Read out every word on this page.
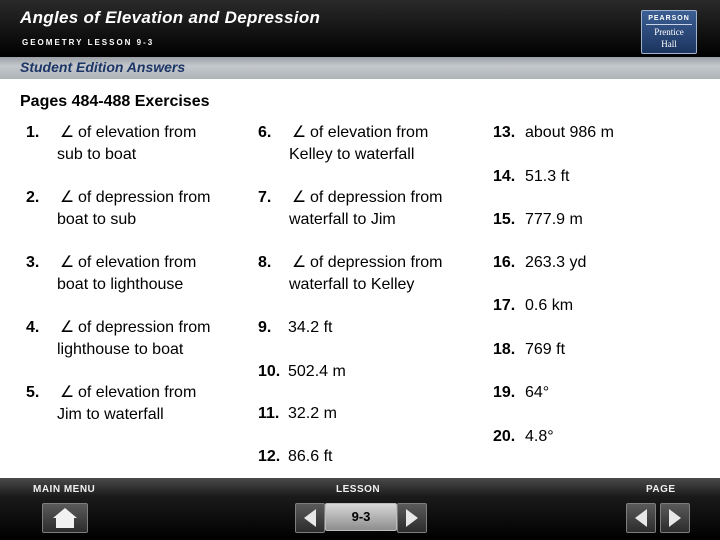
Angles of Elevation and Depression
GEOMETRY LESSON 9-3
PEARSON
Prentice
Hall
Student Edition Answers
Pages 484-488 Exercises
1. ∠ of elevation from
sub to boat
2. ∠ of depression from
boat to sub
3. ∠ of elevation from
boat to lighthouse
4. ∠ of depression from
lighthouse to boat
5. ∠ of elevation from
Jim to waterfall
6. ∠ of elevation from
Kelley to waterfall
7. ∠ of depression from
waterfall to Jim
8. ∠ of depression from
waterfall to Kelley
9. 34.2 ft
10. 502.4 m
11. 32.2 m
12. 86.6 ft
13. about 986 m
14. 51.3 ft
15. 777.9 m
16. 263.3 yd
17. 0.6 km
18. 769 ft
19. 64°
20. 4.8°
MAIN MENU	LESSON	PAGE
9-3
